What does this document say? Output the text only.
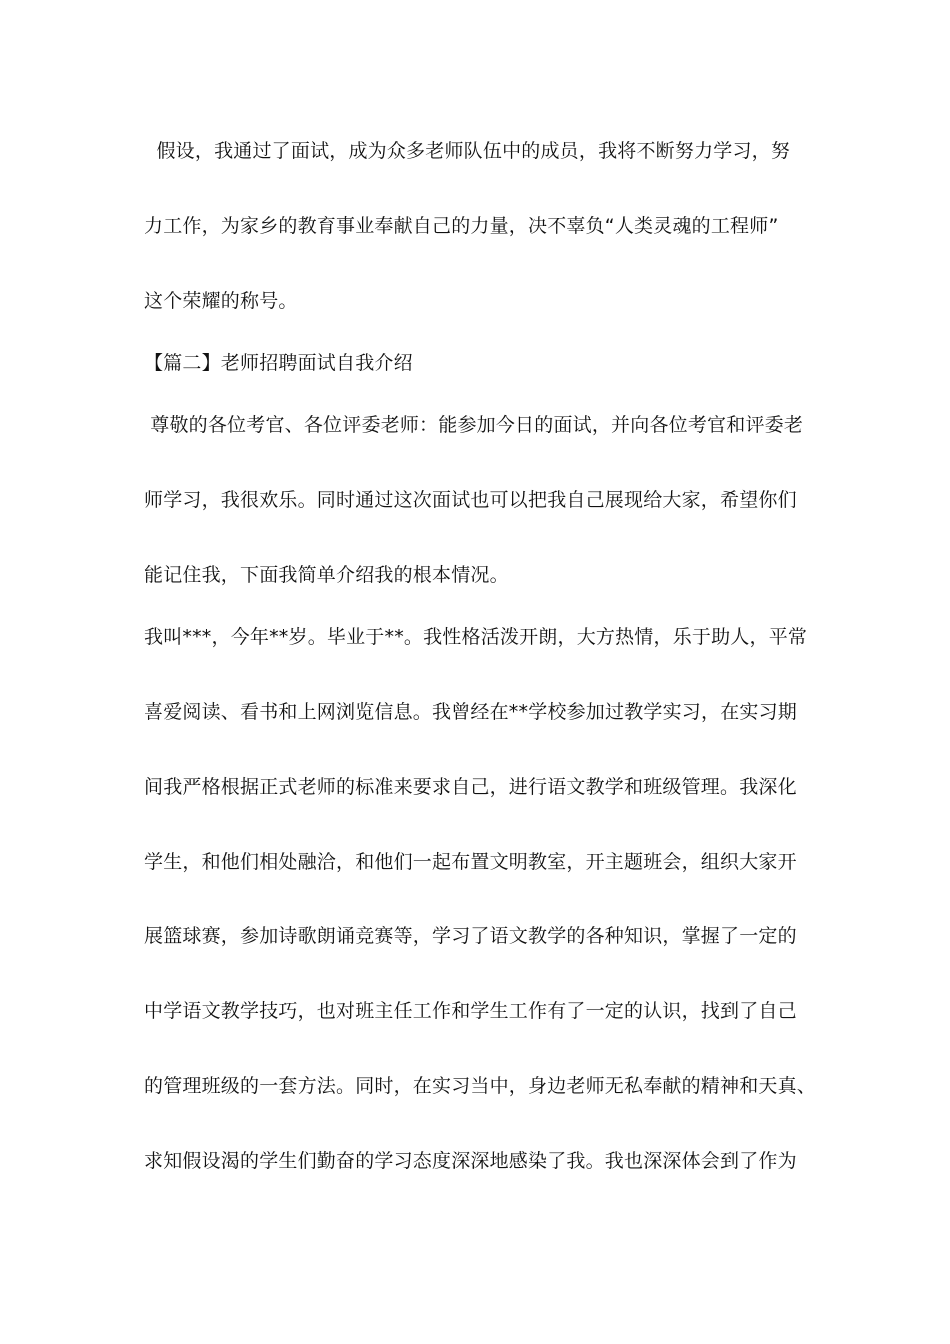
假设，我通过了面试，成为众多老师队伍中的成员，我将不断努力学习，努
力工作，为家乡的教育事业奉献自己的力量，决不辜负“人类灵魂的工程师”
这个荣耀的称号。
【篇二】老师招聘面试自我介绍
尊敬的各位考官、各位评委老师：能参加今日的面试，并向各位考官和评委老
师学习，我很欢乐。同时通过这次面试也可以把我自己展现给大家，希望你们
能记住我，下面我简单介绍我的根本情况。
我叫***，今年**岁。毕业于**。我性格活泼开朗，大方热情，乐于助人，平常
喜爱阅读、看书和上网浏览信息。我曾经在**学校参加过教学实习，在实习期
间我严格根据正式老师的标准来要求自己，进行语文教学和班级管理。我深化
学生，和他们相处融洽，和他们一起布置文明教室，开主题班会，组织大家开
展篮球赛，参加诗歌朗诵竞赛等，学习了语文教学的各种知识，掌握了一定的
中学语文教学技巧，也对班主任工作和学生工作有了一定的认识，找到了自己
的管理班级的一套方法。同时，在实习当中，身边老师无私奉献的精神和天真、
求知假设渴的学生们勤奋的学习态度深深地感染了我。我也深深体会到了作为
